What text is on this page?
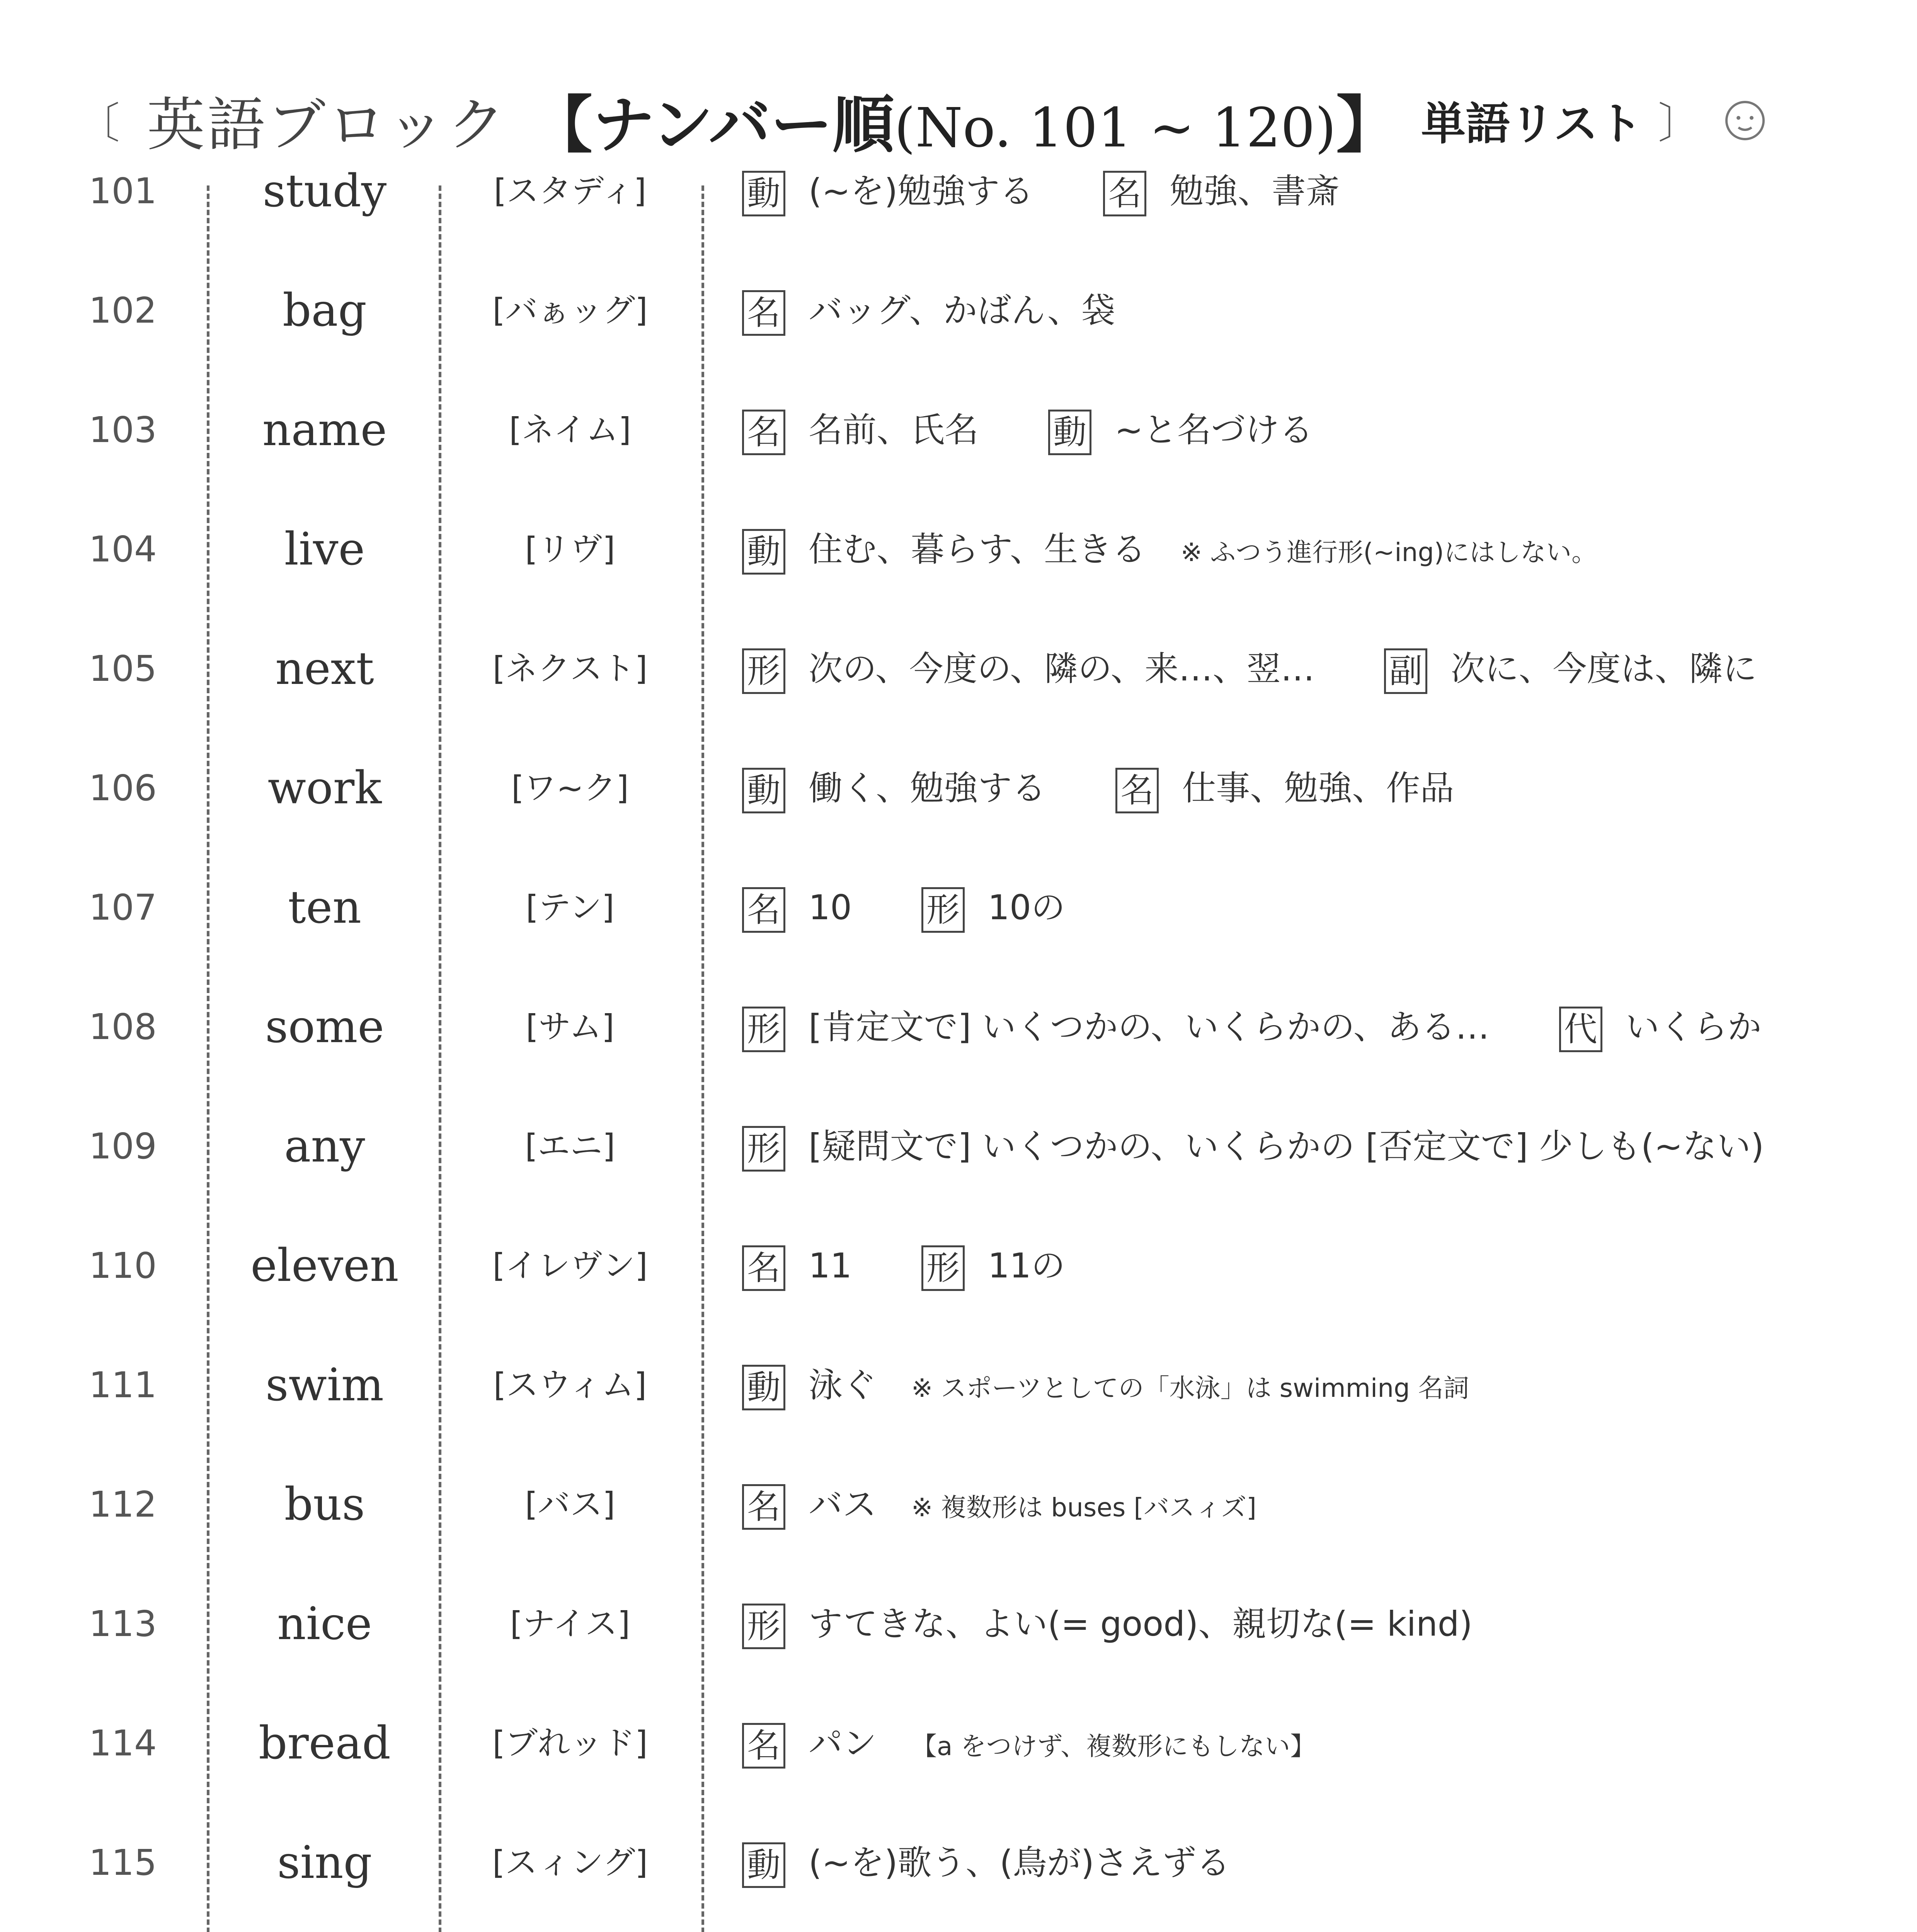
〔 英語ブロック 【ナンバー順(No. 101 ~ 120)】 単語リスト 〕
101	study	[スタディ]	動 (~を)勉強する 名 勉強、書斎
102	bag	[バぁッグ]	名 バッグ、かばん、袋
103	name	[ネイム]	名 名前、氏名 動 ~と名づける
104	live	[リヴ]	動 住む、暮らす、生きる ※ ふつう進行形(~ing)にはしない。
105	next	[ネクスト]	形 次の、今度の、隣の、来…、翌… 副 次に、今度は、隣に
106	work	[ワ~ク]	動 働く、勉強する 名 仕事、勉強、作品
107	ten	[テン]	名 10 形 10の
108	some	[サム]	形 [肯定文で] いくつかの、いくらかの、ある… 代 いくらか
109	any	[エニ]	形 [疑問文で] いくつかの、いくらかの [否定文で] 少しも(~ない)
110	eleven	[イレヴン]	名 11 形 11の
111	swim	[スウィム]	動 泳ぐ ※ スポーツとしての「水泳」は swimming 名詞
112	bus	[バス]	名 バス ※ 複数形は buses [バスィズ]
113	nice	[ナイス]	形 すてきな、よい(= good)、親切な(= kind)
114	bread	[ブれッド]	名 パン 【a をつけず、複数形にもしない】
115	sing	[スィング]	動 (~を)歌う、(鳥が)さえずる
